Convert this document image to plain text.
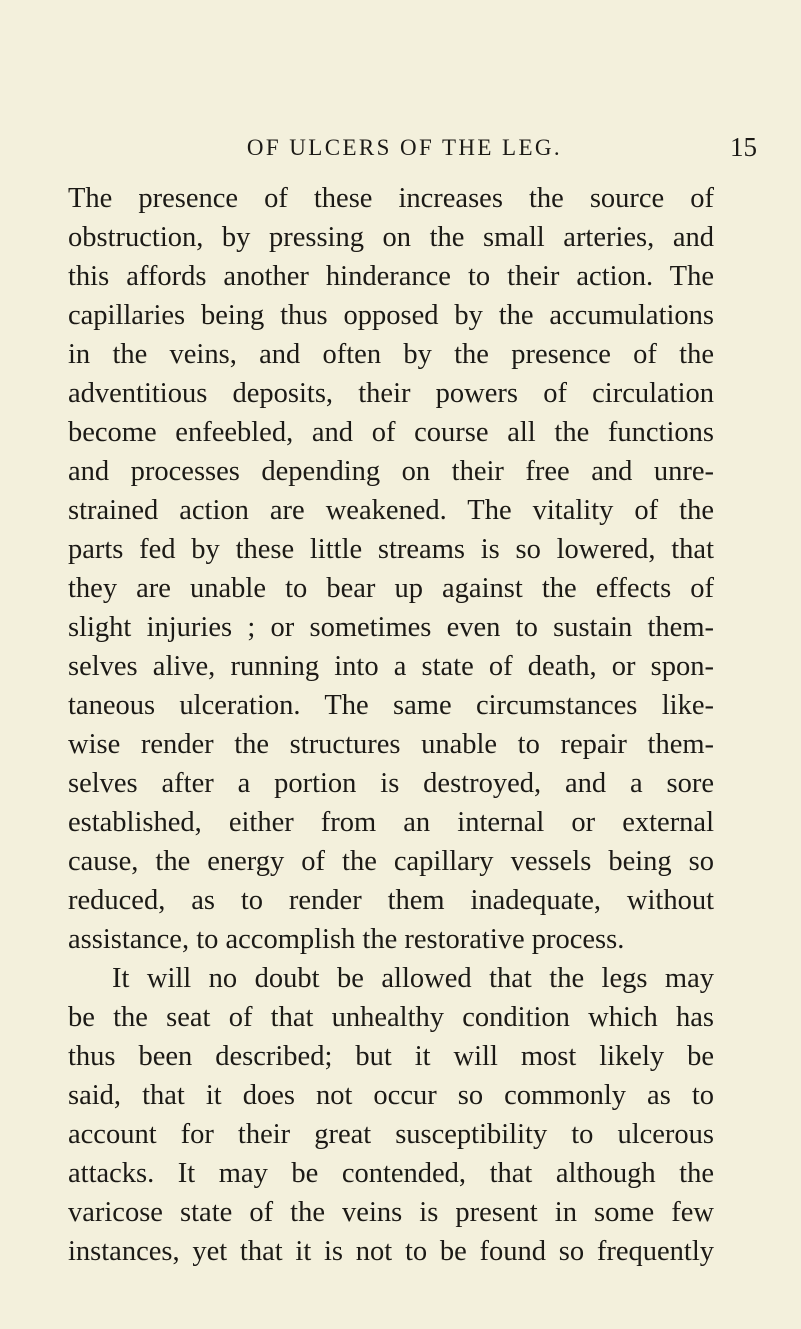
OF ULCERS OF THE LEG.	15
The presence of these increases the source of
obstruction, by pressing on the small arteries, and
this affords another hinderance to their action. The
capillaries being thus opposed by the accumulations
in the veins, and often by the presence of the
adventitious deposits, their powers of circulation
become enfeebled, and of course all the functions
and processes depending on their free and unre-
strained action are weakened. The vitality of the
parts fed by these little streams is so lowered, that
they are unable to bear up against the effects of
slight injuries ; or sometimes even to sustain them-
selves alive, running into a state of death, or spon-
taneous ulceration. The same circumstances like-
wise render the structures unable to repair them-
selves after a portion is destroyed, and a sore
established, either from an internal or external
cause, the energy of the capillary vessels being so
reduced, as to render them inadequate, without
assistance, to accomplish the restorative process.
It will no doubt be allowed that the legs may
be the seat of that unhealthy condition which has
thus been described; but it will most likely be
said, that it does not occur so commonly as to
account for their great susceptibility to ulcerous
attacks. It may be contended, that although the
varicose state of the veins is present in some few
instances, yet that it is not to be found so frequently
